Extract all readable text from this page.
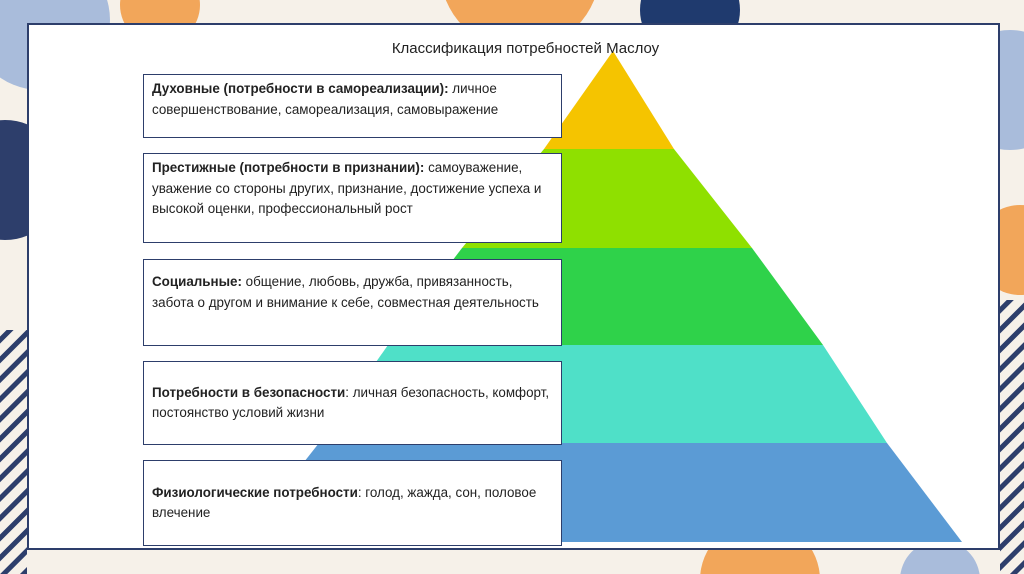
Классификация потребностей Маслоу
Духовные (потребности в самореализации): личное совершенствование, самореализация, самовыражение
Престижные (потребности в признании): самоуважение, уважение со стороны других, признание, достижение успеха и высокой оценки, профессиональный рост
Социальные: общение, любовь, дружба, привязанность, забота о другом и внимание к себе, совместная деятельность
Потребности в безопасности: личная безопасность, комфорт, постоянство условий жизни
Физиологические потребности: голод, жажда, сон, половое влечение
